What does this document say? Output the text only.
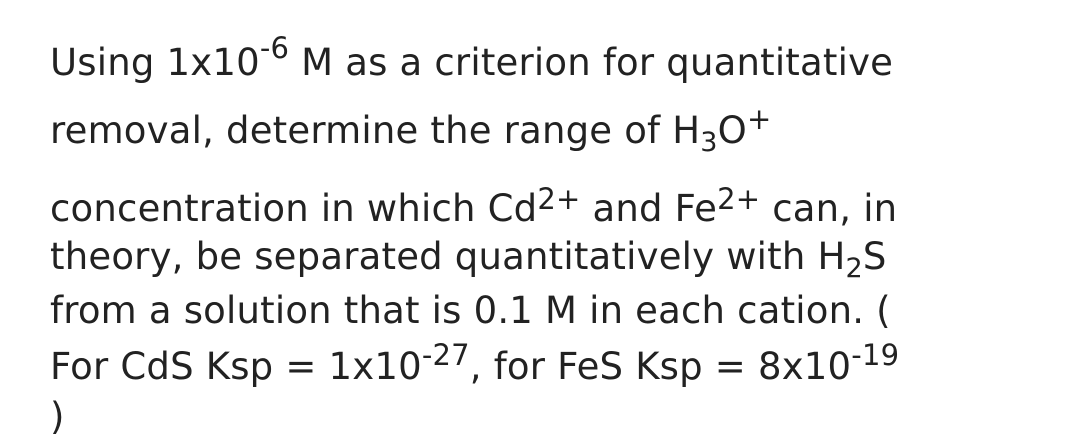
Using $1x10^{-6}$ M as a criterion for quantitative
removal, determine the range of $H_3O^+$
concentration in which $Cd^{2+}$ and $Fe^{2+}$ can, in
theory, be separated quantitatively with $H_2S$
from a solution that is 0.1 M in each cation. (
For CdS Ksp = $1x10^{-27}$, for FeS Ksp = $8x10^{-19}$
)
